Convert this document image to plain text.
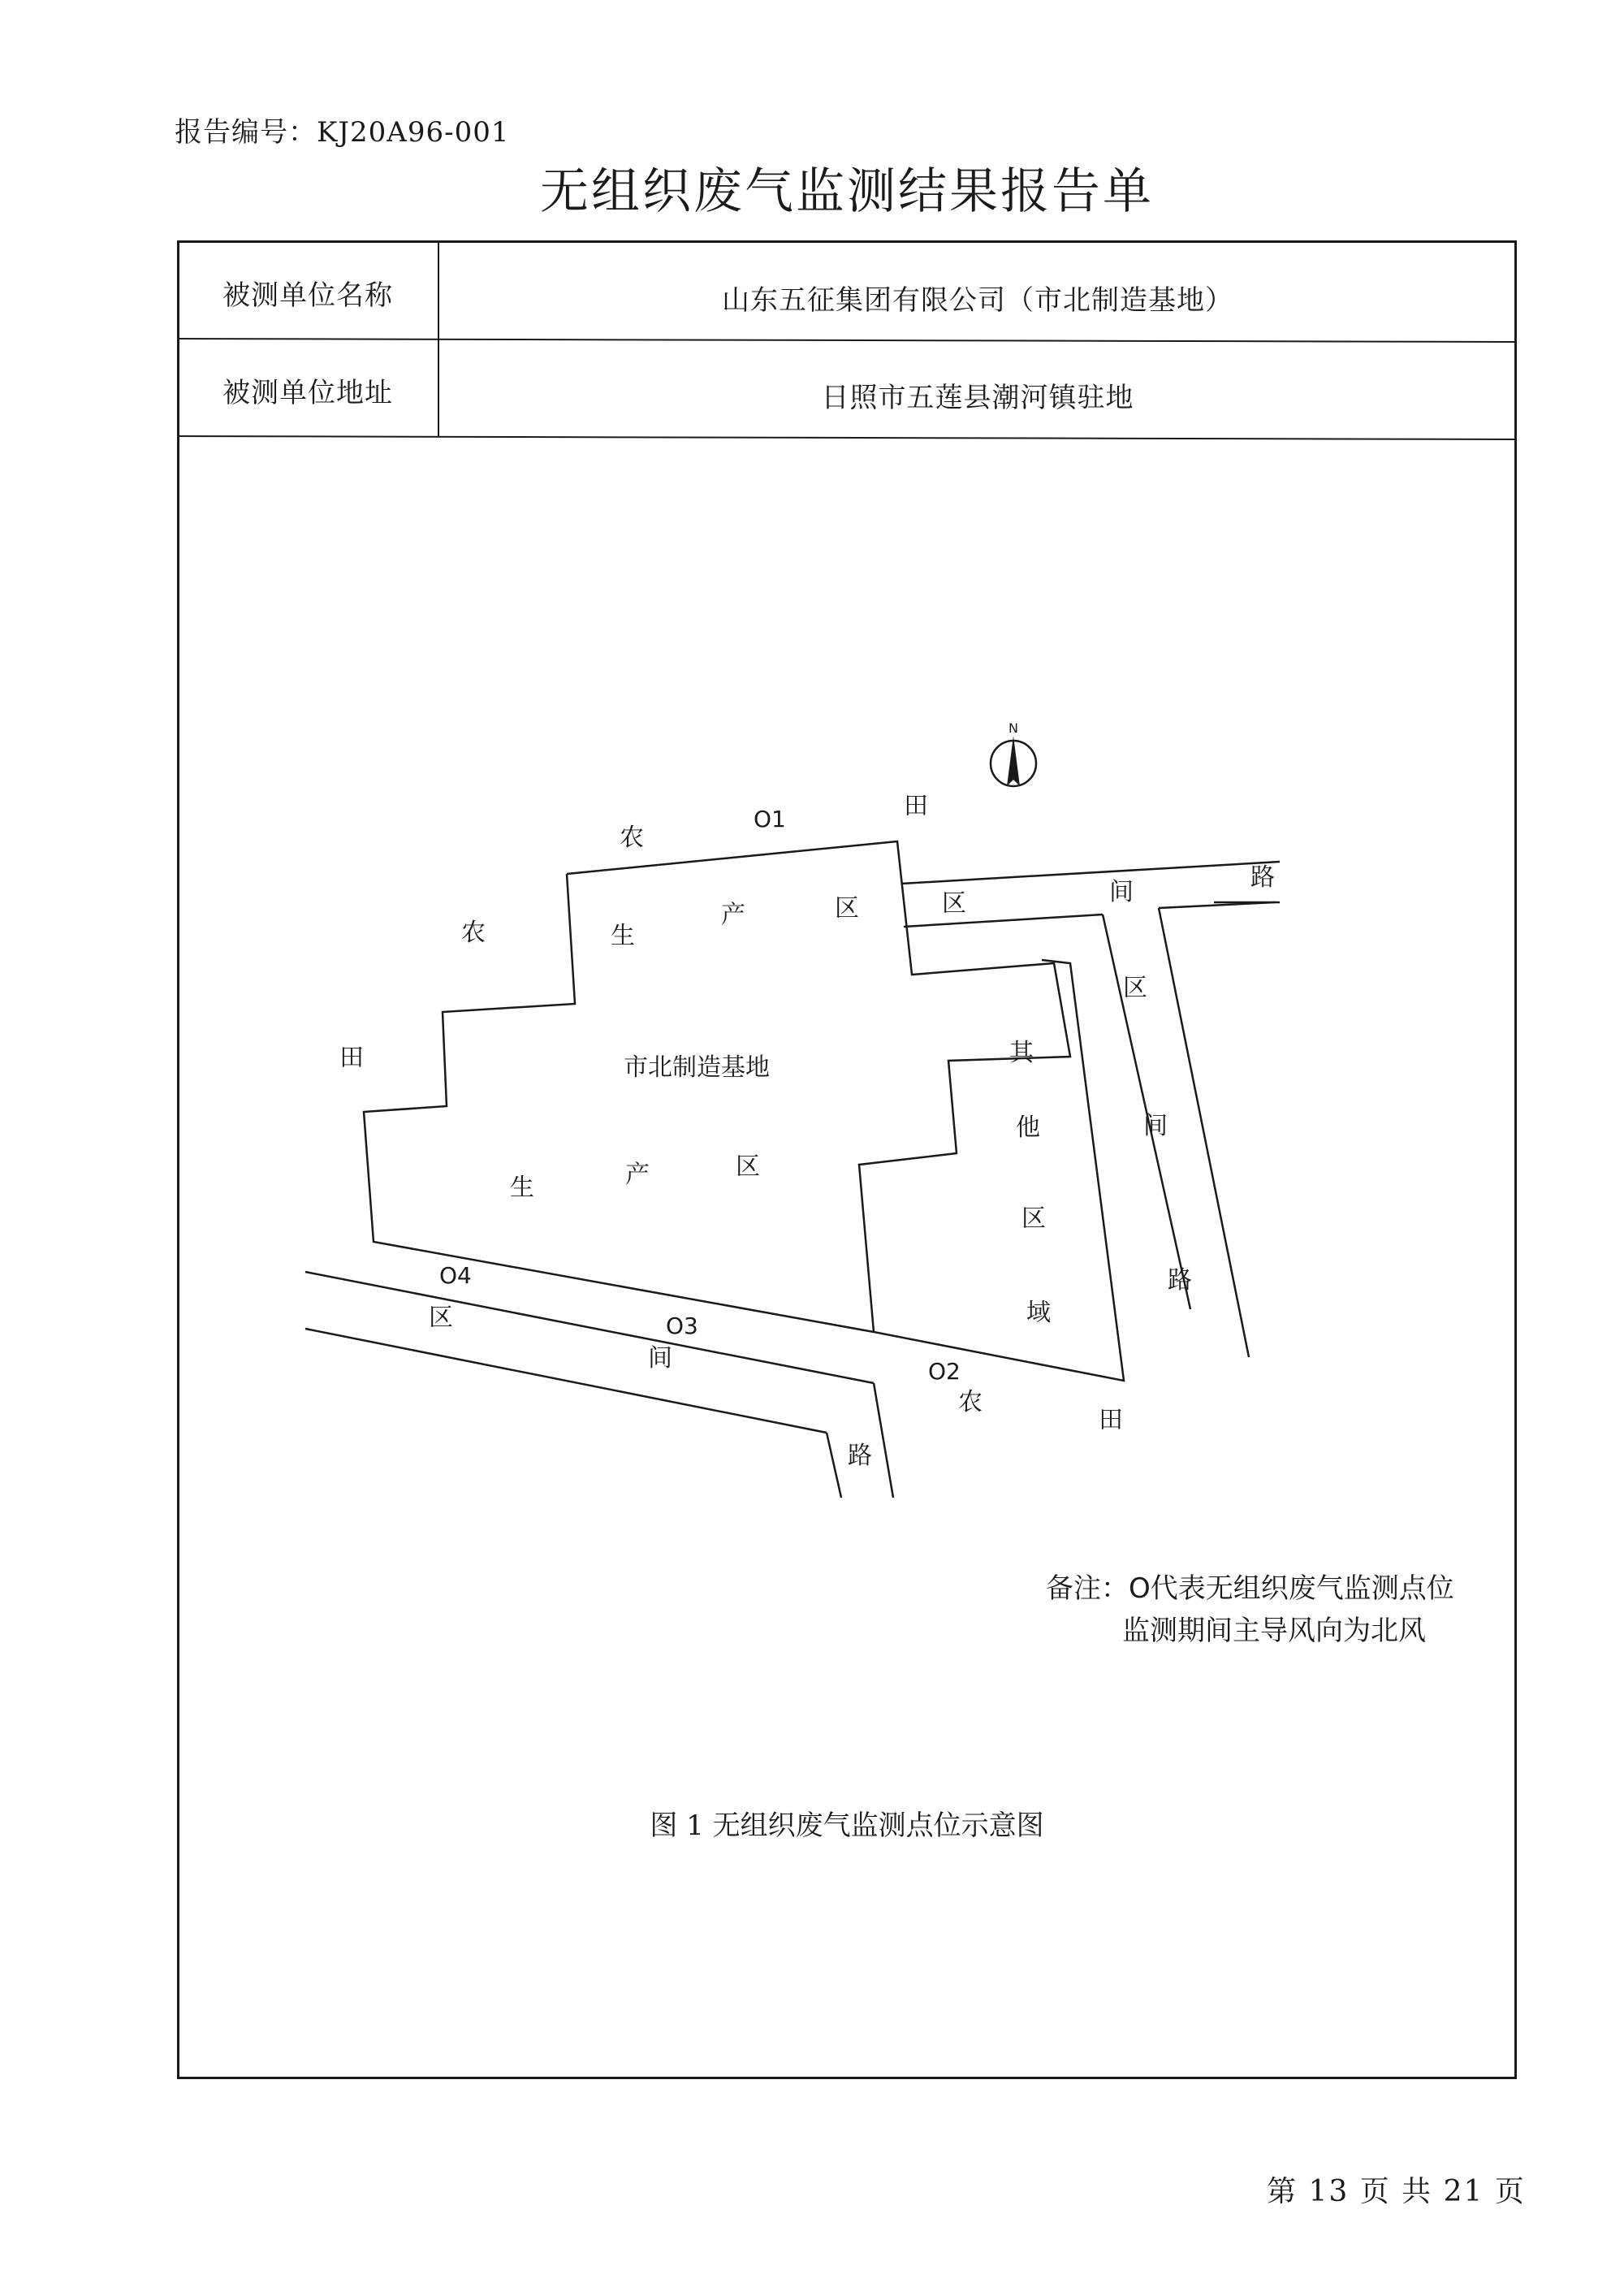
报告编号：KJ20A96-001
无组织废气监测结果报告单
被测单位名称	山东五征集团有限公司（市北制造基地）
被测单位地址	日照市五莲县潮河镇驻地
N
农
田
农
田
生
产	区
市北制造基地
生	产	区
区	间
路
区
间
路
其
他
区
域
区
间
路
农
田
O1
O2
O3
O4
备注：O代表无组织废气监测点位
监测期间主导风向为北风
图 1 无组织废气监测点位示意图
第 13 页 共 21 页
